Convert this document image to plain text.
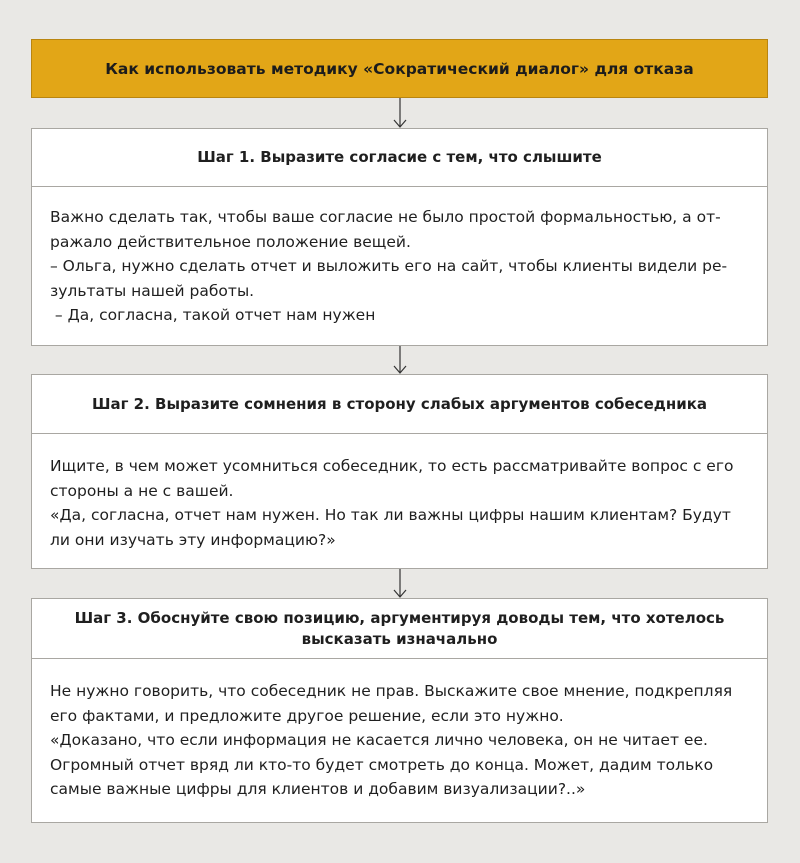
Как использовать методику «Сократический диалог» для отказа
Шаг 1. Выразите согласие с тем, что слышите

Важно сделать так, чтобы ваше согласие не было простой формальностью, а от-

ражало действительное положение вещей.

– Ольга, нужно сделать отчет и выложить его на сайт, чтобы клиенты видели ре-

зультаты нашей работы.

– Да, согласна, такой отчет нам нужен

Шаг 2. Выразите сомнения в сторону слабых аргументов собеседника

Ищите, в чем может усомниться собеседник, то есть рассматривайте вопрос с его

стороны а не с вашей.

«Да, согласна, отчет нам нужен. Но так ли важны цифры нашим клиентам? Будут

ли они изучать эту информацию?»

Шаг 3. Обоснуйте свою позицию, аргументируя доводы тем, что хотелось
высказать изначально

Не нужно говорить, что собеседник не прав. Выскажите свое мнение, подкрепляя

его фактами, и предложите другое решение, если это нужно.

«Доказано, что если информация не касается лично человека, он не читает ее.

Огромный отчет вряд ли кто-то будет смотреть до конца. Может, дадим только

самые важные цифры для клиентов и добавим визуализации?..»
